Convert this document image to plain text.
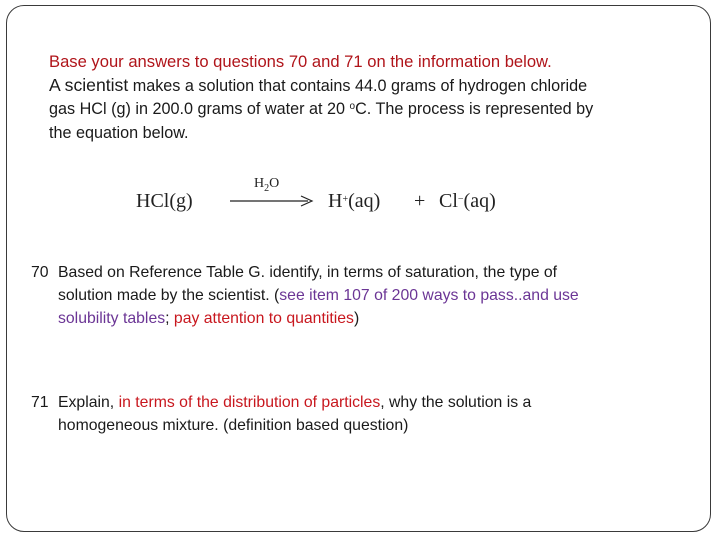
Base your answers to questions 70 and 71 on the information below.
A scientist makes a solution that contains 44.0 grams of hydrogen chloride
gas HCl (g) in 200.0 grams of water at 20 $^o$C. The process is represented by
the equation below.
HCl(g)
$H_2O$
H+(aq) + Cl−(aq)
70 Based on Reference Table G. identify, in terms of saturation, the type of
solution made by the scientist. (see item 107 of 200 ways to pass..and use
solubility tables; pay attention to quantities)
71 Explain, in terms of the distribution of particles, why the solution is a
homogeneous mixture. (definition based question)
